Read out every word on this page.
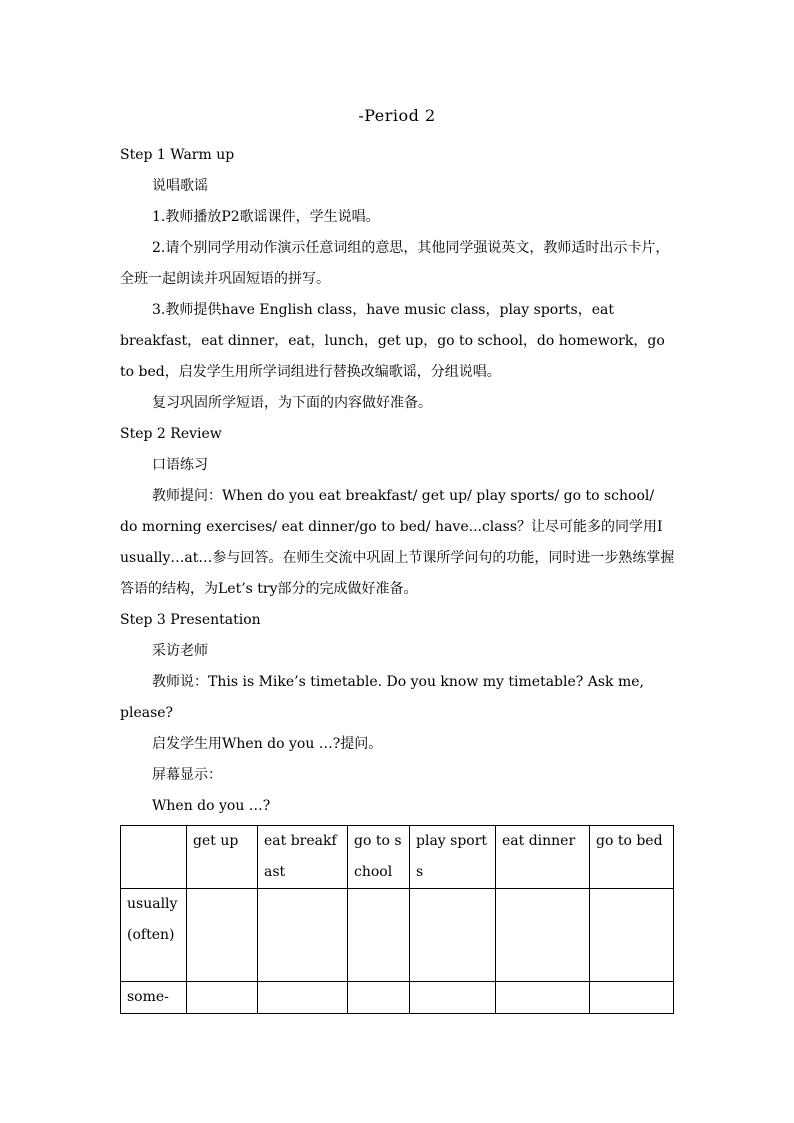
-Period 2

Step 1 Warm up

说唱歌谣

1.教师播放P2歌谣课件，学生说唱。

2.请个别同学用动作演示任意词组的意思，其他同学强说英文，教师适时出示卡片，全班一起朗读并巩固短语的拼写。

3.教师提供have English class，have music class，play sports，eat breakfast，eat dinner，eat，lunch，get up，go to school，do homework，go to bed，启发学生用所学词组进行替换改编歌谣，分组说唱。

复习巩固所学短语，为下面的内容做好准备。

Step 2 Review

口语练习

教师提问：When do you eat breakfast/ get up/ play sports/ go to school/ do morning exercises/ eat dinner/go to bed/ have...class？让尽可能多的同学用I usually…at…参与回答。在师生交流中巩固上节课所学问句的功能，同时进一步熟练掌握答语的结构，为Let’s try部分的完成做好准备。

Step 3 Presentation

采访老师

教师说：This is Mike’s timetable. Do you know my timetable? Ask me, please?

启发学生用When do you …?提问。

屏幕显示：

When do you …?

	get up	eat breakfast	go to school	play sports	eat dinner	go to bed
usually(often)						
some-						
